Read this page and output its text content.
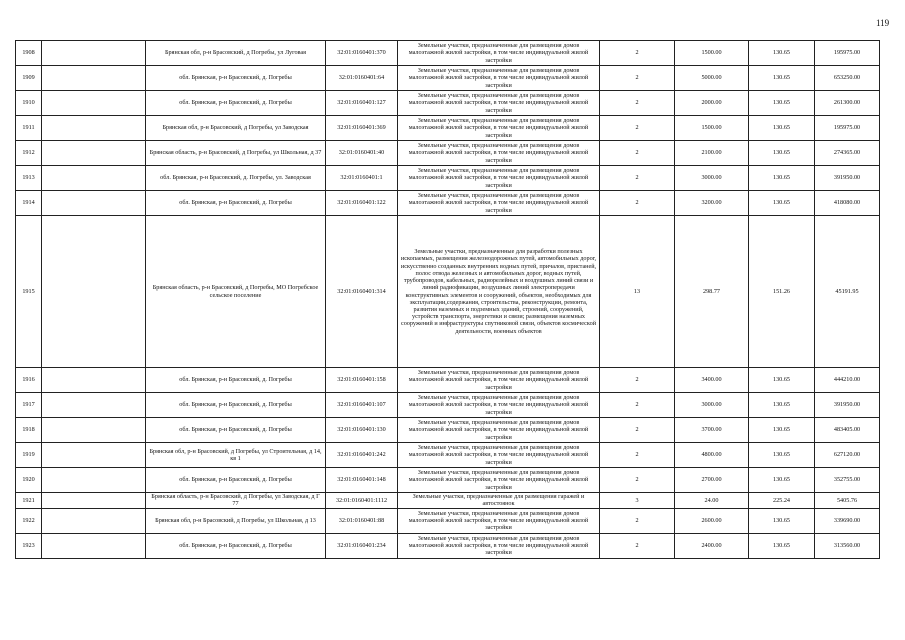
119
1908		Брянская обл, р-н Брасовский, д Погребы, ул Луговая	32:01:0160401:370	Земельные участки, предназначенные для размещения домов малоэтажной жилой застройки, в том числе индивидуальной жилой застройки	2	1500.00	130.65	195975.00
1909		обл. Брянская, р-н Брасовский, д. Погребы	32:01:0160401:64	Земельные участки, предназначенные для размещения домов малоэтажной жилой застройки, в том числе индивидуальной жилой застройки	2	5000.00	130.65	653250.00
1910		обл. Брянская, р-н Брасовский, д. Погребы	32:01:0160401:127	Земельные участки, предназначенные для размещения домов малоэтажной жилой застройки, в том числе индивидуальной жилой застройки	2	2000.00	130.65	261300.00
1911		Брянская обл, р-н Брасовский, д Погребы, ул Заводская	32:01:0160401:369	Земельные участки, предназначенные для размещения домов малоэтажной жилой застройки, в том числе индивидуальной жилой застройки	2	1500.00	130.65	195975.00
1912		Брянская область, р-н Брасовский, д Погребы, ул Школьная, д 37	32:01:0160401:40	Земельные участки, предназначенные для размещения домов малоэтажной жилой застройки, в том числе индивидуальной жилой застройки	2	2100.00	130.65	274365.00
1913		обл. Брянская, р-н Брасовский, д. Погребы, ул. Заводская	32:01:0160401:1	Земельные участки, предназначенные для размещения домов малоэтажной жилой застройки, в том числе индивидуальной жилой застройки	2	3000.00	130.65	391950.00
1914		обл. Брянская, р-н Брасовский, д. Погребы	32:01:0160401:122	Земельные участки, предназначенные для размещения домов малоэтажной жилой застройки, в том числе индивидуальной жилой застройки	2	3200.00	130.65	418080.00
1915		Брянская область, р-н Брасовский, д Погребы, МО Погребское сельское поселение	32:01:0160401:314	Земельные участки, предназначенные для разработки полезных ископаемых, размещения железнодорожных путей, автомобильных дорог, искусственно созданных внутренних водных путей, причалов, пристаней, полос отвода железных и автомобильных дорог, водных путей, трубопроводов, кабельных, радиорелейных и воздушных линий связи и линий радиофикации, воздушных линий электропередачи конструктивных элементов и сооружений, объектов, необходимых для эксплуатации,содержания, строительства, реконструкции, ремонта, развития наземных и подземных зданий, строений, сооружений, устройств транспорта, энергетики и связи; размещения наземных сооружений и инфраструктуры спутниковой связи, объектов космической деятельности, военных объектов	13	298.77	151.26	45191.95
1916		обл. Брянская, р-н Брасовский, д. Погребы	32:01:0160401:158	Земельные участки, предназначенные для размещения домов малоэтажной жилой застройки, в том числе индивидуальной жилой застройки	2	3400.00	130.65	444210.00
1917		обл. Брянская, р-н Брасовский, д. Погребы	32:01:0160401:107	Земельные участки, предназначенные для размещения домов малоэтажной жилой застройки, в том числе индивидуальной жилой застройки	2	3000.00	130.65	391950.00
1918		обл. Брянская, р-н Брасовский, д. Погребы	32:01:0160401:130	Земельные участки, предназначенные для размещения домов малоэтажной жилой застройки, в том числе индивидуальной жилой застройки	2	3700.00	130.65	483405.00
1919		Брянская обл, р-н Брасовский, д Погребы, ул Строительная, д 14, кв 1	32:01:0160401:242	Земельные участки, предназначенные для размещения домов малоэтажной жилой застройки, в том числе индивидуальной жилой застройки	2	4800.00	130.65	627120.00
1920		обл. Брянская, р-н Брасовский, д. Погребы	32:01:0160401:148	Земельные участки, предназначенные для размещения домов малоэтажной жилой застройки, в том числе индивидуальной жилой застройки	2	2700.00	130.65	352755.00
1921		Брянская область, р-н Брасовский, д Погребы, ул Заводская, д Г 77	32:01:0160401:1112	Земельные участки, предназначенные для размещения гаражей и автостоянок	3	24.00	225.24	5405.76
1922		Брянская обл, р-н Брасовский, д Погребы, ул Школьная, д 13	32:01:0160401:88	Земельные участки, предназначенные для размещения домов малоэтажной жилой застройки, в том числе индивидуальной жилой застройки	2	2600.00	130.65	339690.00
1923		обл. Брянская, р-н Брасовский, д. Погребы	32:01:0160401:234	Земельные участки, предназначенные для размещения домов малоэтажной жилой застройки, в том числе индивидуальной жилой застройки	2	2400.00	130.65	313560.00
